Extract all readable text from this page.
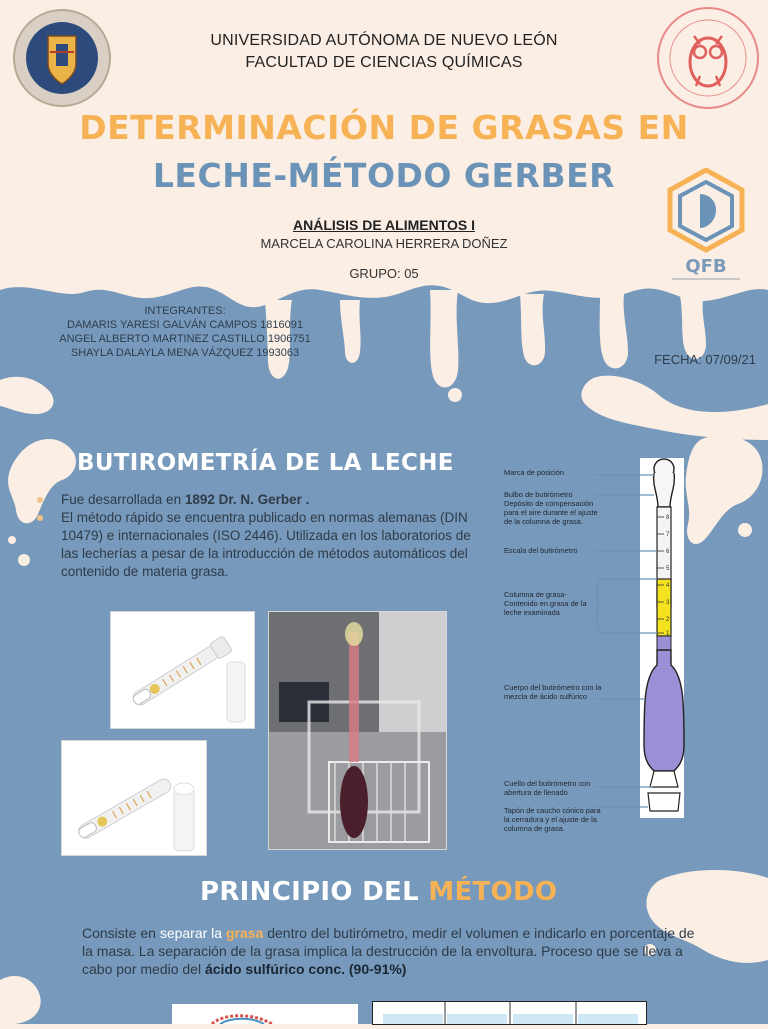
QFB
UNIVERSIDAD AUTÓNOMA DE NUEVO LEÓN
FACULTAD DE CIENCIAS QUÍMICAS
DETERMINACIÓN DE GRASAS EN
LECHE-MÉTODO GERBER
ANÁLISIS DE ALIMENTOS I
MARCELA CAROLINA HERRERA DOÑEZ
GRUPO: 05
INTEGRANTES:
DAMARIS YARESI GALVÁN CAMPOS 1816091
ANGEL ALBERTO MARTINEZ CASTILLO 1906751
SHAYLA DALAYLA MENA VÁZQUEZ 1993063	FECHA: 07/09/21
BUTIROMETRÍA DE LA LECHE
Fue desarrollada en 1892 Dr. N. Gerber .
El método rápido se encuentra publicado en normas alemanas (DIN 10479) e internacionales (ISO 2446). Utilizada en los laboratorios de las lecherías a pesar de la introducción de métodos automáticos del contenido de materia grasa.
8
7
6
5
4
3
2
1
Marca de posición
Bulbo de butirómetro Depósito de compensación para el aire durante el ajuste de la columna de grasa.
Escala del butirómetro
Columna de grasa- Contenido en grasa de la leche examinada
Cuerpo del butirómetro con la mezcla de ácido sulfúrico
Cuello del butirómetro con abertura de llenado
Tapón de caucho cónico para la cerradura y el ajuste de la columna de grasa.
PRINCIPIO DEL MÉTODO
Consiste en separar la grasa dentro del butirómetro, medir el volumen e indicarlo en porcentaje de la masa. La separación de la grasa implica la destrucción de la envoltura. Proceso que se lleva a cabo por medio del ácido sulfúrico conc. (90-91%)
